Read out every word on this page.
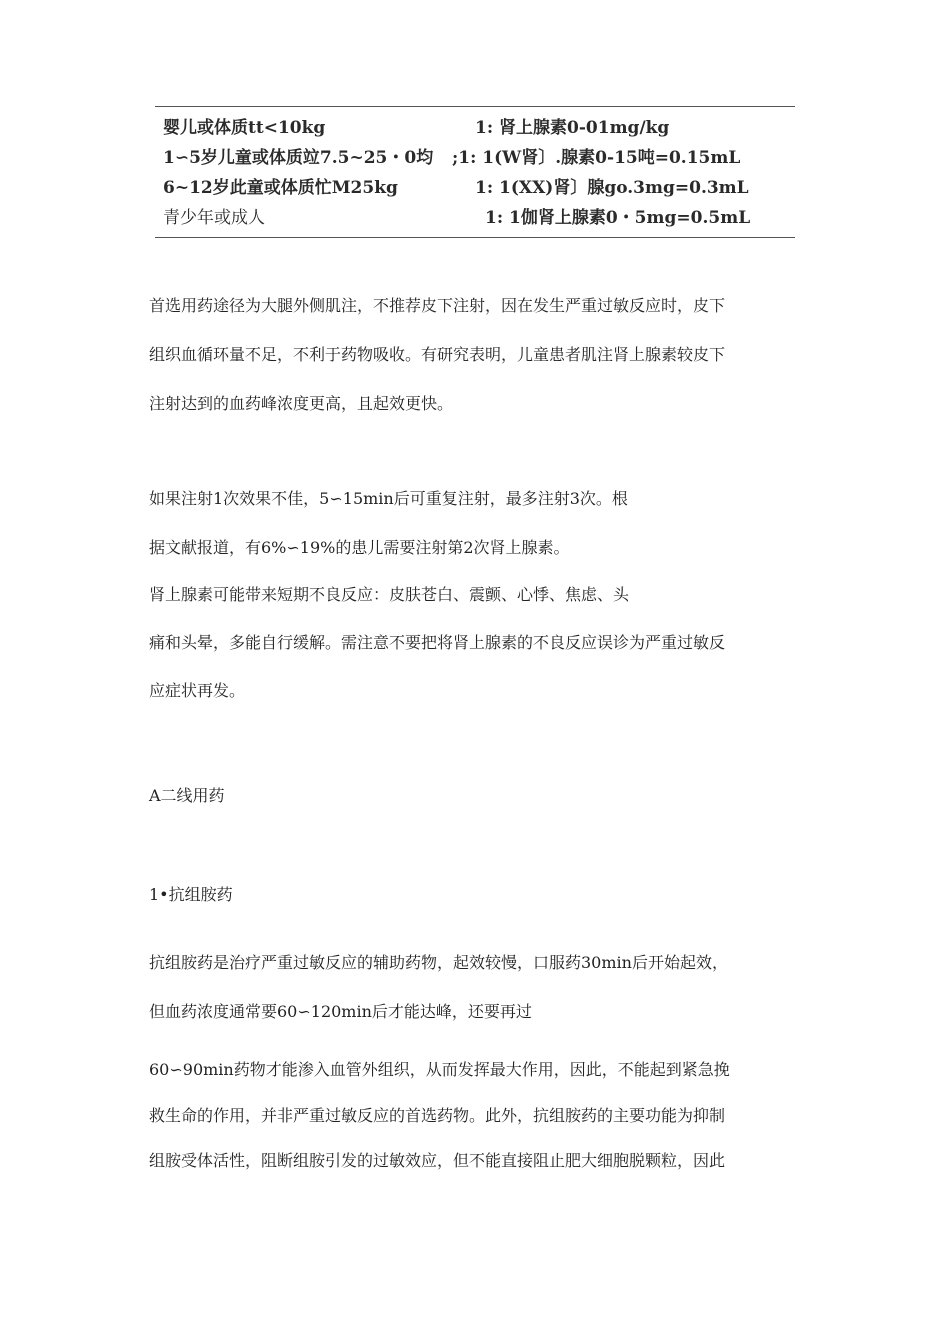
婴儿或体质tt<10kg	1: 肾上腺素0-01mg/kg
1∽5岁儿童或体质竝7.5~25・0均 ;1: 1(W肾〕.腺素0-15吨=0.15mL
6~12岁此童或体质忙M25kg	1: 1(XX)肾〕腺go.3mg=0.3mL
青少年或成人	1: 1伽肾上腺素0・5mg=0.5mL
首选用药途径为大腿外侧肌注，不推荐皮下注射，因在发生严重过敏反应时，皮下
组织血循环量不足，不利于药物吸收。有研究表明，儿童患者肌注肾上腺素较皮下
注射达到的血药峰浓度更高，且起效更快。
如果注射1次效果不佳，5∽15min后可重复注射，最多注射3次。根
据文献报道，有6%∽19%的患儿需要注射第2次肾上腺素。
肾上腺素可能带来短期不良反应：皮肤苍白、震颤、心悸、焦虑、头
痛和头晕，多能自行缓解。需注意不要把将肾上腺素的不良反应误诊为严重过敏反
应症状再发。
A二线用药
1•抗组胺药
抗组胺药是治疗严重过敏反应的辅助药物，起效较慢，口服药30min后开始起效，
但血药浓度通常要60∽120min后才能达峰，还要再过
60∽90min药物才能渗入血管外组织，从而发挥最大作用，因此，不能起到紧急挽
救生命的作用，并非严重过敏反应的首选药物。此外，抗组胺药的主要功能为抑制
组胺受体活性，阻断组胺引发的过敏效应，但不能直接阻止肥大细胞脱颗粒，因此
